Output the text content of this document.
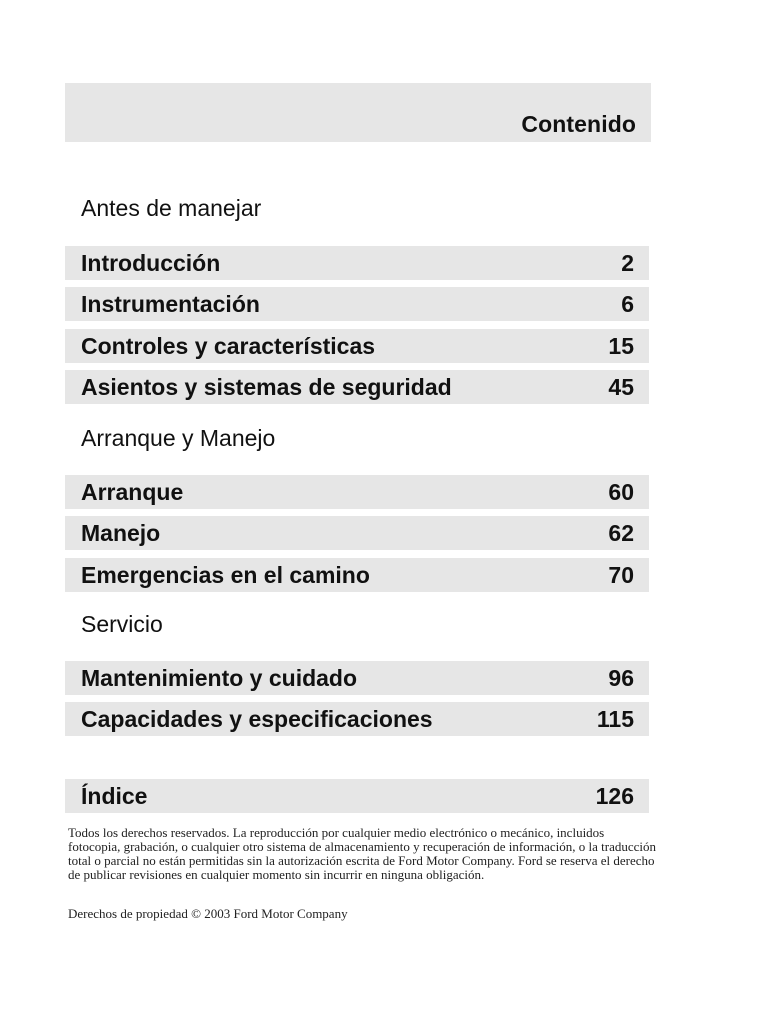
Contenido
Antes de manejar
Introducción	2
Instrumentación	6
Controles y características	15
Asientos y sistemas de seguridad	45
Arranque y Manejo
Arranque	60
Manejo	62
Emergencias en el camino	70
Servicio
Mantenimiento y cuidado	96
Capacidades y especificaciones	115
Índice	126

Todos los derechos reservados. La reproducción por cualquier medio electrónico o mecánico, incluidos fotocopia, grabación, o cualquier otro sistema de almacenamiento y recuperación de información, o la traducción total o parcial no están permitidas sin la autorización escrita de Ford Motor Company. Ford se reserva el derecho de publicar revisiones en cualquier momento sin incurrir en ninguna obligación.

Derechos de propiedad © 2003 Ford Motor Company
